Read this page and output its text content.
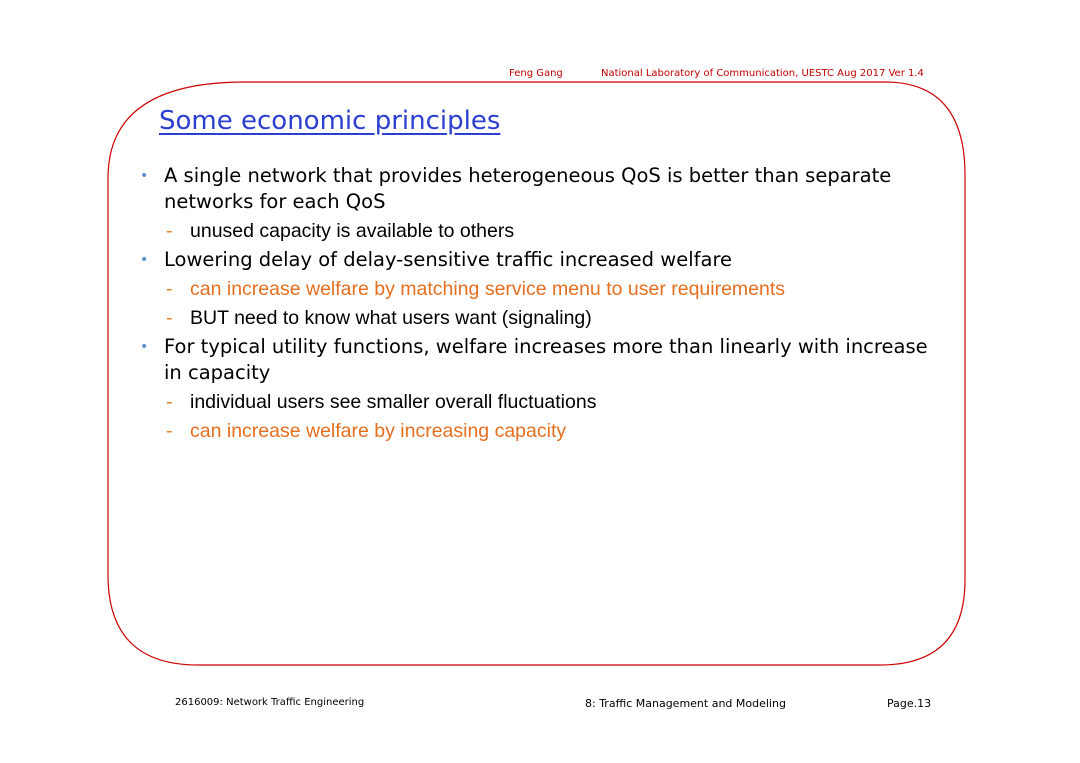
Feng Gang	National Laboratory of Communication, UESTC Aug 2017 Ver 1.4
Some economic principles
• A single network that provides heterogeneous QoS is better than separate networks for each QoS
- unused capacity is available to others
• Lowering delay of delay-sensitive traffic increased welfare
- can increase welfare by matching service menu to user requirements
- BUT need to know what users want (signaling)
• For typical utility functions, welfare increases more than linearly with increase in capacity
- individual users see smaller overall fluctuations
- can increase welfare by increasing capacity
2616009: Network Traffic Engineering	8: Traffic Management and Modeling	Page.13
